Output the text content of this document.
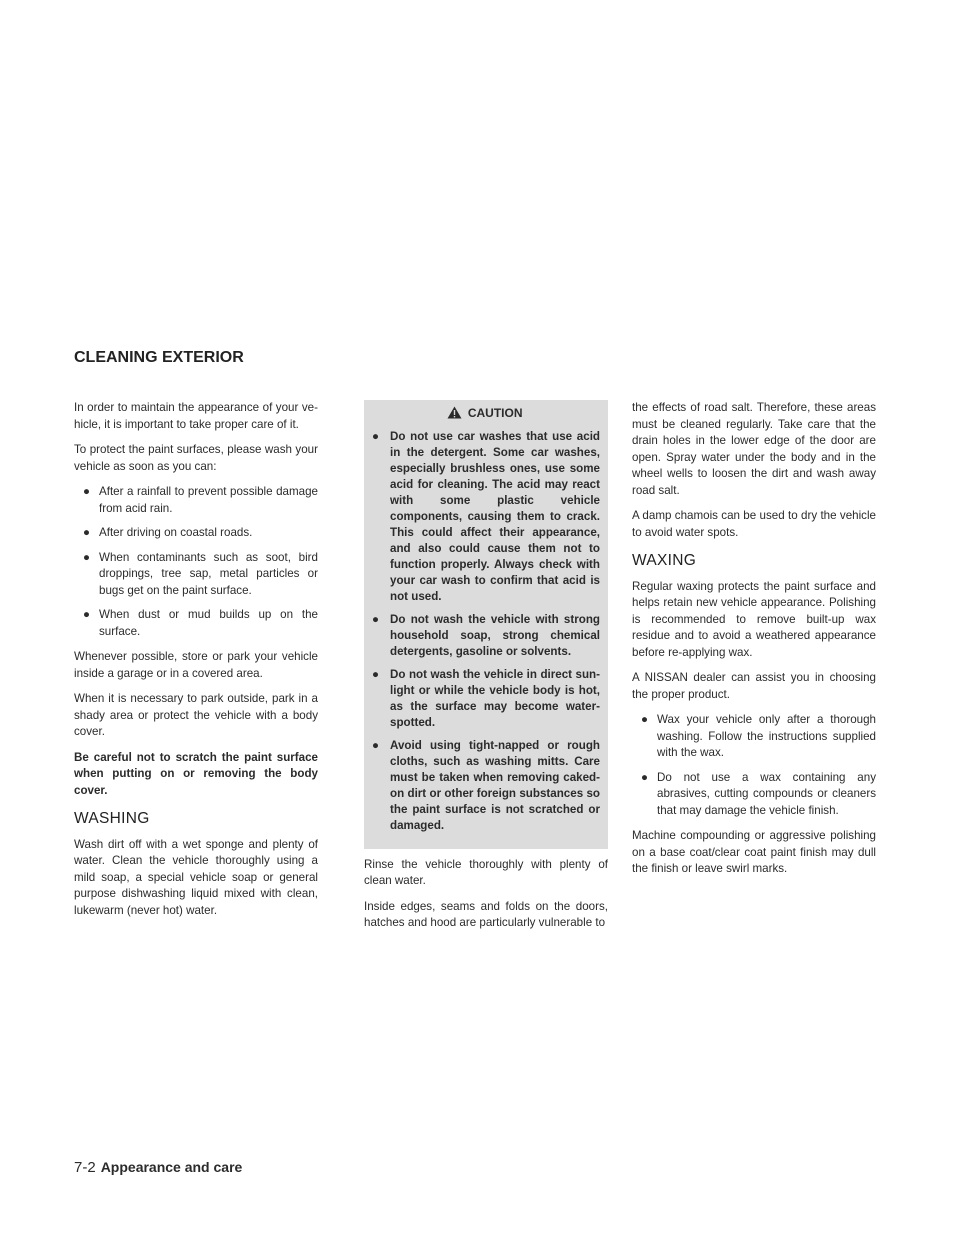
CLEANING EXTERIOR

In order to maintain the appearance of your vehicle, it is important to take proper care of it.

To protect the paint surfaces, please wash your vehicle as soon as you can:

● After a rainfall to prevent possible damage from acid rain.
● After driving on coastal roads.
● When contaminants such as soot, bird droppings, tree sap, metal particles or bugs get on the paint surface.
● When dust or mud builds up on the surface.

Whenever possible, store or park your vehicle inside a garage or in a covered area.

When it is necessary to park outside, park in a shady area or protect the vehicle with a body cover.

Be careful not to scratch the paint surface when putting on or removing the body cover.

WASHING

Wash dirt off with a wet sponge and plenty of water. Clean the vehicle thoroughly using a mild soap, a special vehicle soap or general purpose dishwashing liquid mixed with clean, lukewarm (never hot) water.

CAUTION
● Do not use car washes that use acid in the detergent. Some car washes, especially brushless ones, use some acid for cleaning. The acid may react with some plastic vehicle components, causing them to crack. This could affect their appearance, and also could cause them not to function properly. Always check with your car wash to confirm that acid is not used.
● Do not wash the vehicle with strong household soap, strong chemical detergents, gasoline or solvents.
● Do not wash the vehicle in direct sunlight or while the vehicle body is hot, as the surface may become water-spotted.
● Avoid using tight-napped or rough cloths, such as washing mitts. Care must be taken when removing caked-on dirt or other foreign substances so the paint surface is not scratched or damaged.

Rinse the vehicle thoroughly with plenty of clean water.

Inside edges, seams and folds on the doors, hatches and hood are particularly vulnerable to

the effects of road salt. Therefore, these areas must be cleaned regularly. Take care that the drain holes in the lower edge of the door are open. Spray water under the body and in the wheel wells to loosen the dirt and wash away road salt.

A damp chamois can be used to dry the vehicle to avoid water spots.

WAXING

Regular waxing protects the paint surface and helps retain new vehicle appearance. Polishing is recommended to remove built-up wax residue and to avoid a weathered appearance before re-applying wax.

A NISSAN dealer can assist you in choosing the proper product.

● Wax your vehicle only after a thorough washing. Follow the instructions supplied with the wax.
● Do not use a wax containing any abrasives, cutting compounds or cleaners that may damage the vehicle finish.

Machine compounding or aggressive polishing on a base coat/clear coat paint finish may dull the finish or leave swirl marks.

7-2 Appearance and care
